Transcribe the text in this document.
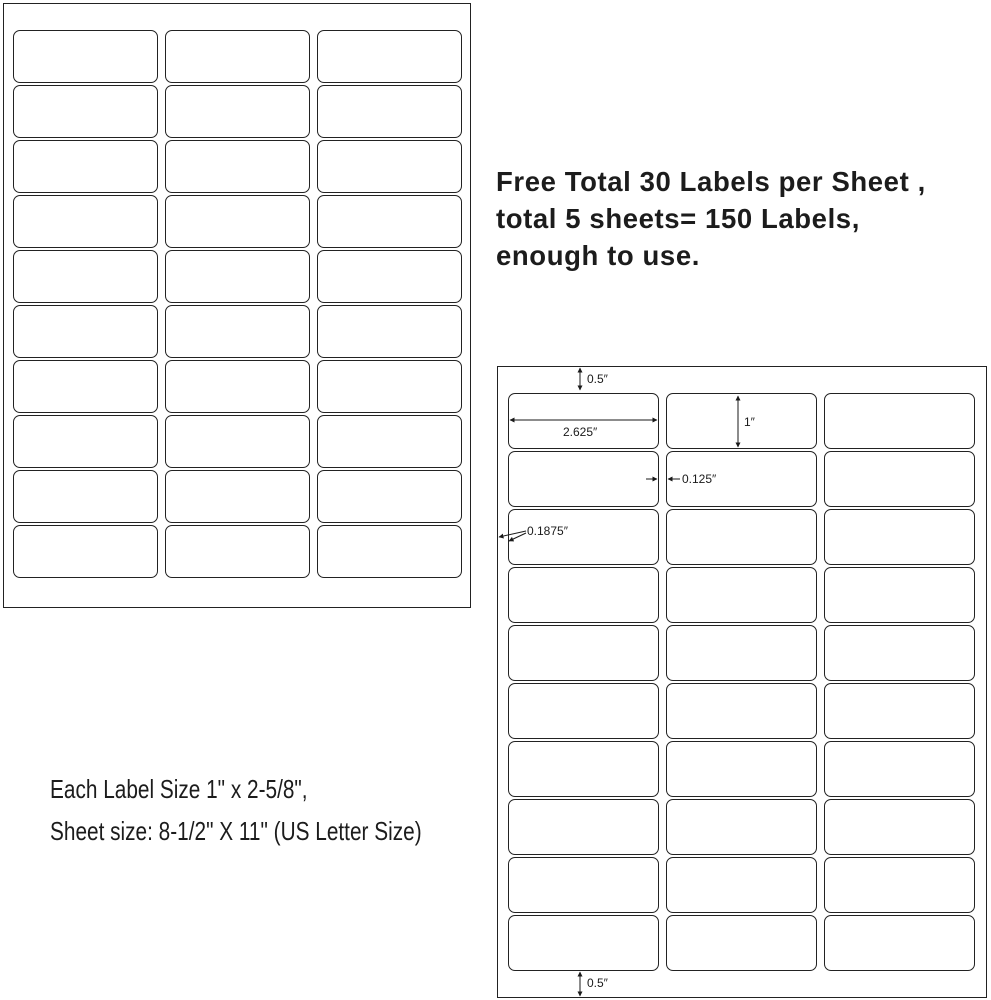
Free Total 30 Labels per Sheet ,
total 5 sheets= 150 Labels,
enough to use.
Each Label Size 1" x 2-5/8",
Sheet size: 8-1/2" X 11" (US Letter Size)
0.5″
2.625″
1″
0.125″
0.1875″
0.5″
